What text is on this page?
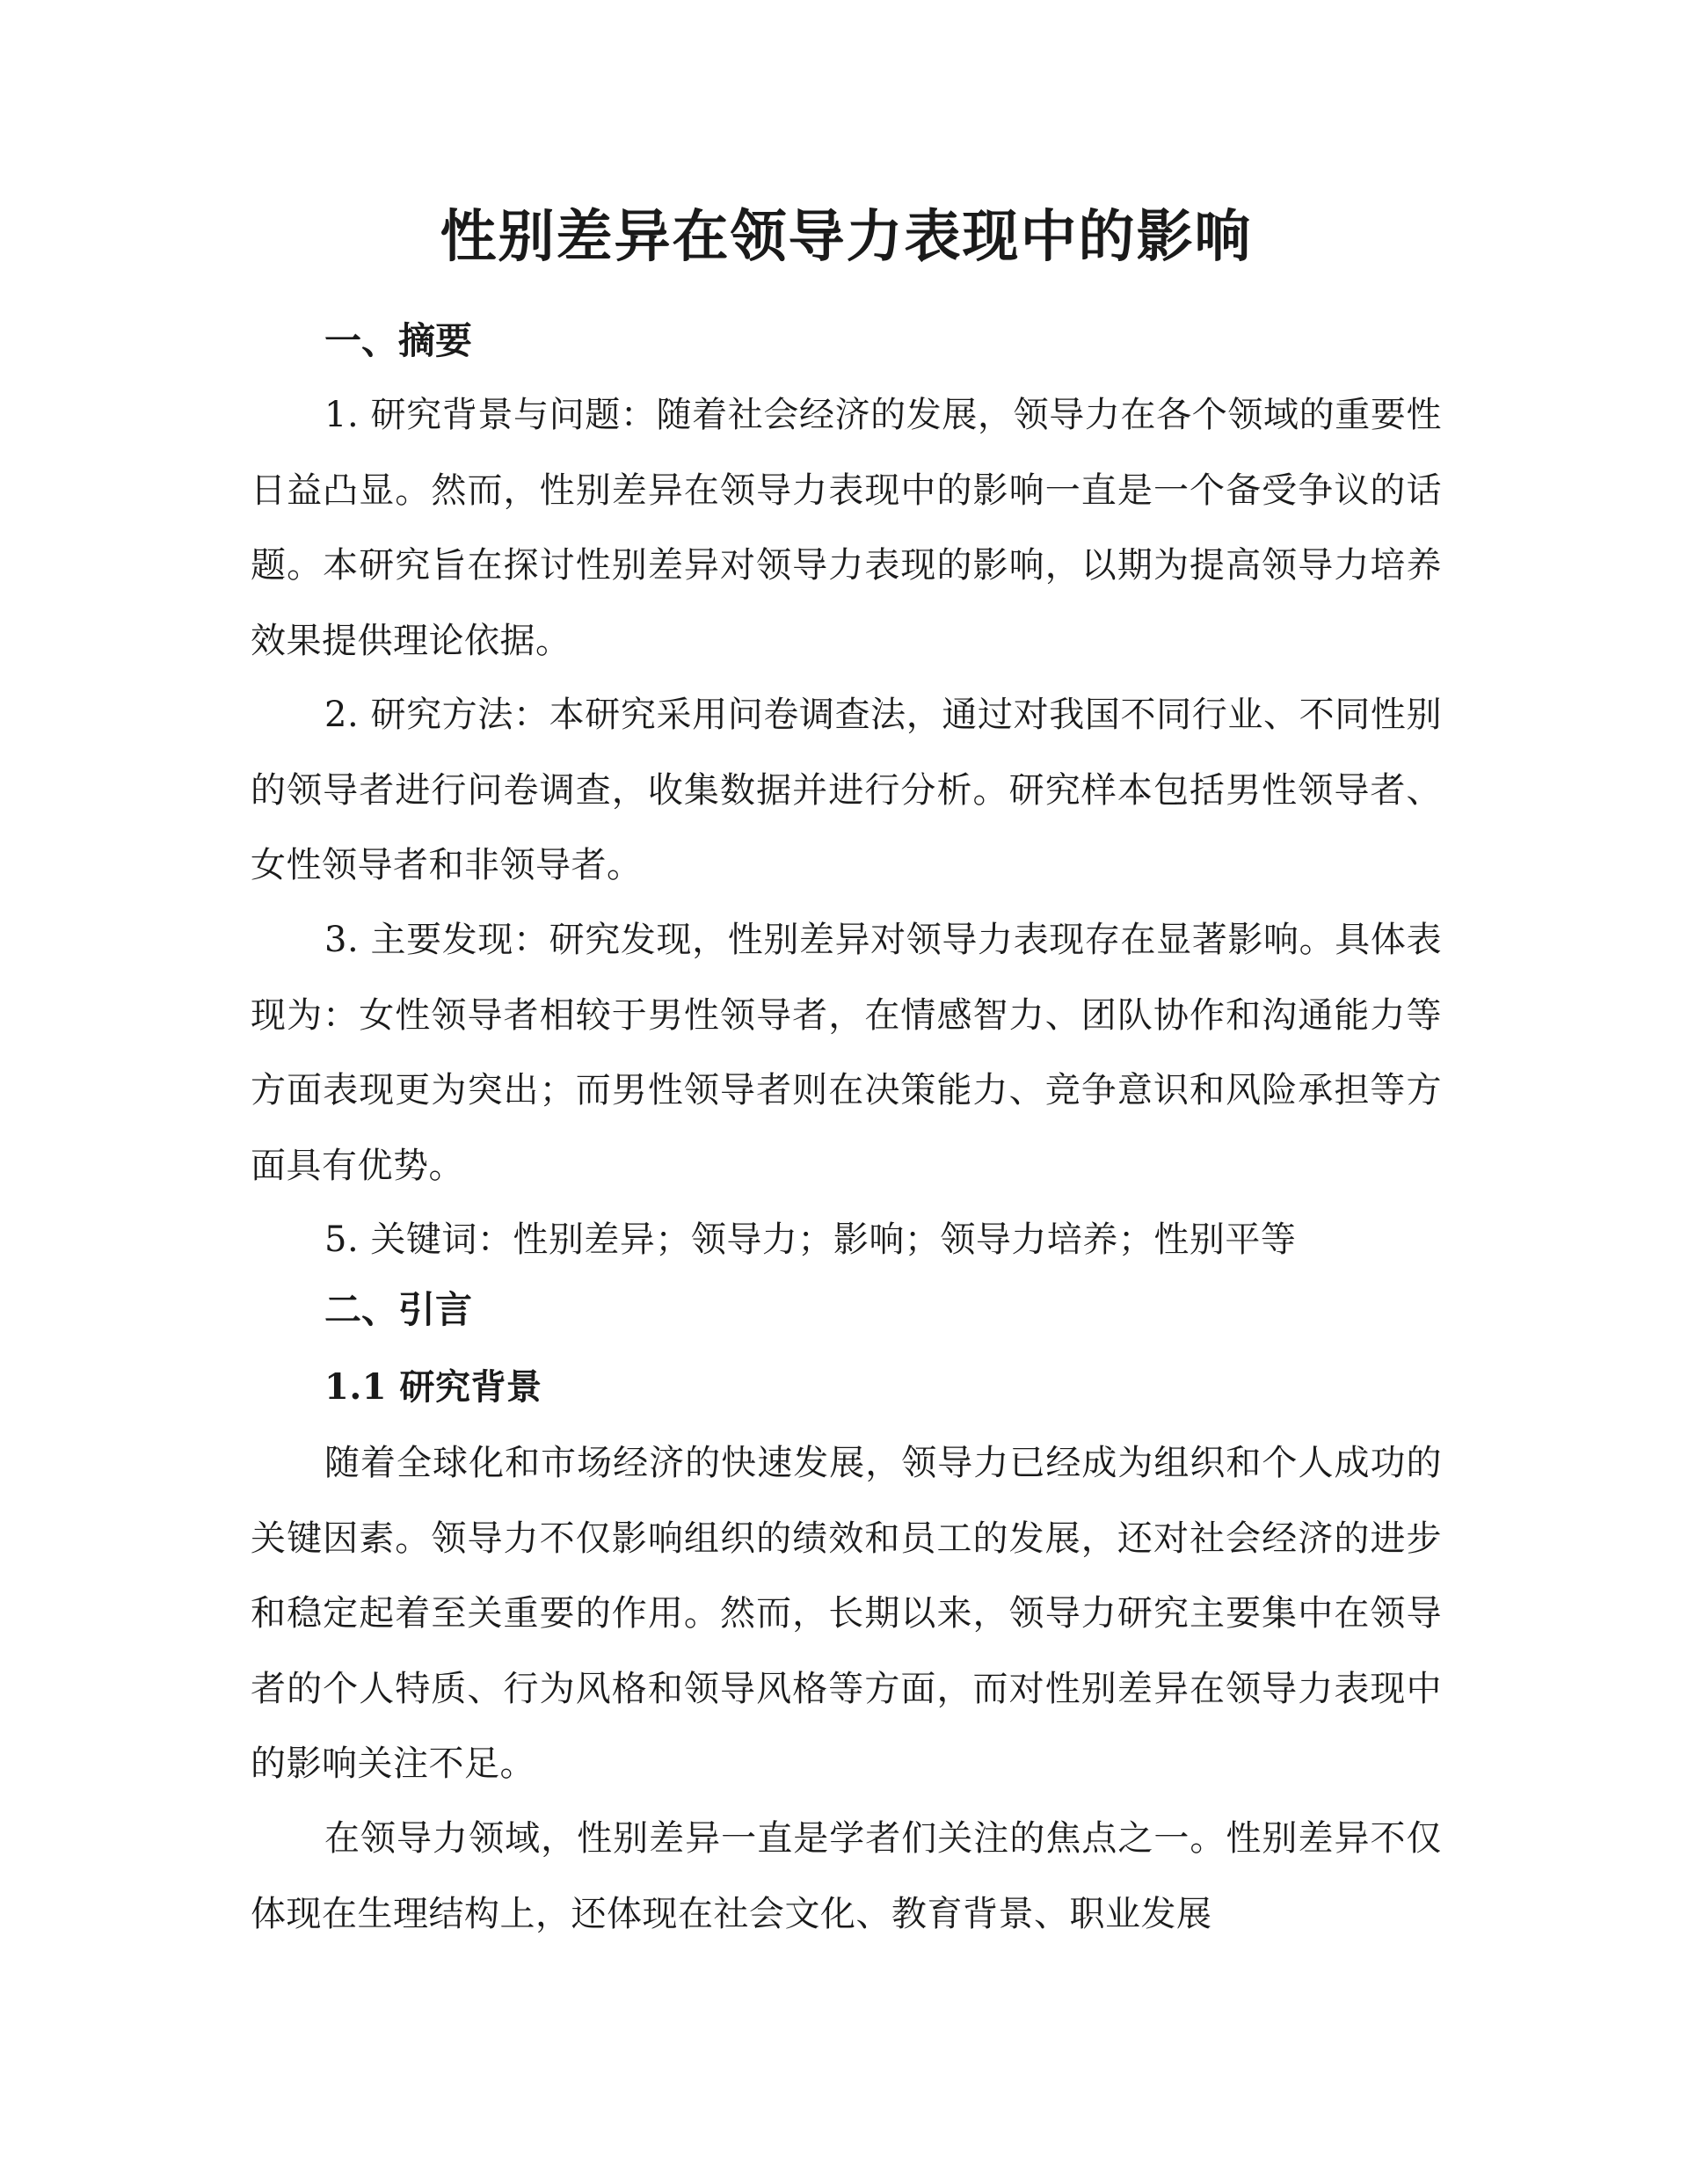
性别差异在领导力表现中的影响
一、摘要

1. 研究背景与问题：随着社会经济的发展，领导力在各个领域的重要性日益凸显。然而，性别差异在领导力表现中的影响一直是一个备受争议的话题。本研究旨在探讨性别差异对领导力表现的影响，以期为提高领导力培养效果提供理论依据。

2. 研究方法：本研究采用问卷调查法，通过对我国不同行业、不同性别的领导者进行问卷调查，收集数据并进行分析。研究样本包括男性领导者、女性领导者和非领导者。

3. 主要发现：研究发现，性别差异对领导力表现存在显著影响。具体表现为：女性领导者相较于男性领导者，在情感智力、团队协作和沟通能力等方面表现更为突出；而男性领导者则在决策能力、竞争意识和风险承担等方面具有优势。

5. 关键词：性别差异；领导力；影响；领导力培养；性别平等

二、引言
1.1 研究背景

随着全球化和市场经济的快速发展，领导力已经成为组织和个人成功的关键因素。领导力不仅影响组织的绩效和员工的发展，还对社会经济的进步和稳定起着至关重要的作用。然而，长期以来，领导力研究主要集中在领导者的个人特质、行为风格和领导风格等方面，而对性别差异在领导力表现中的影响关注不足。

在领导力领域，性别差异一直是学者们关注的焦点之一。性别差异不仅体现在生理结构上，还体现在社会文化、教育背景、职业发展
